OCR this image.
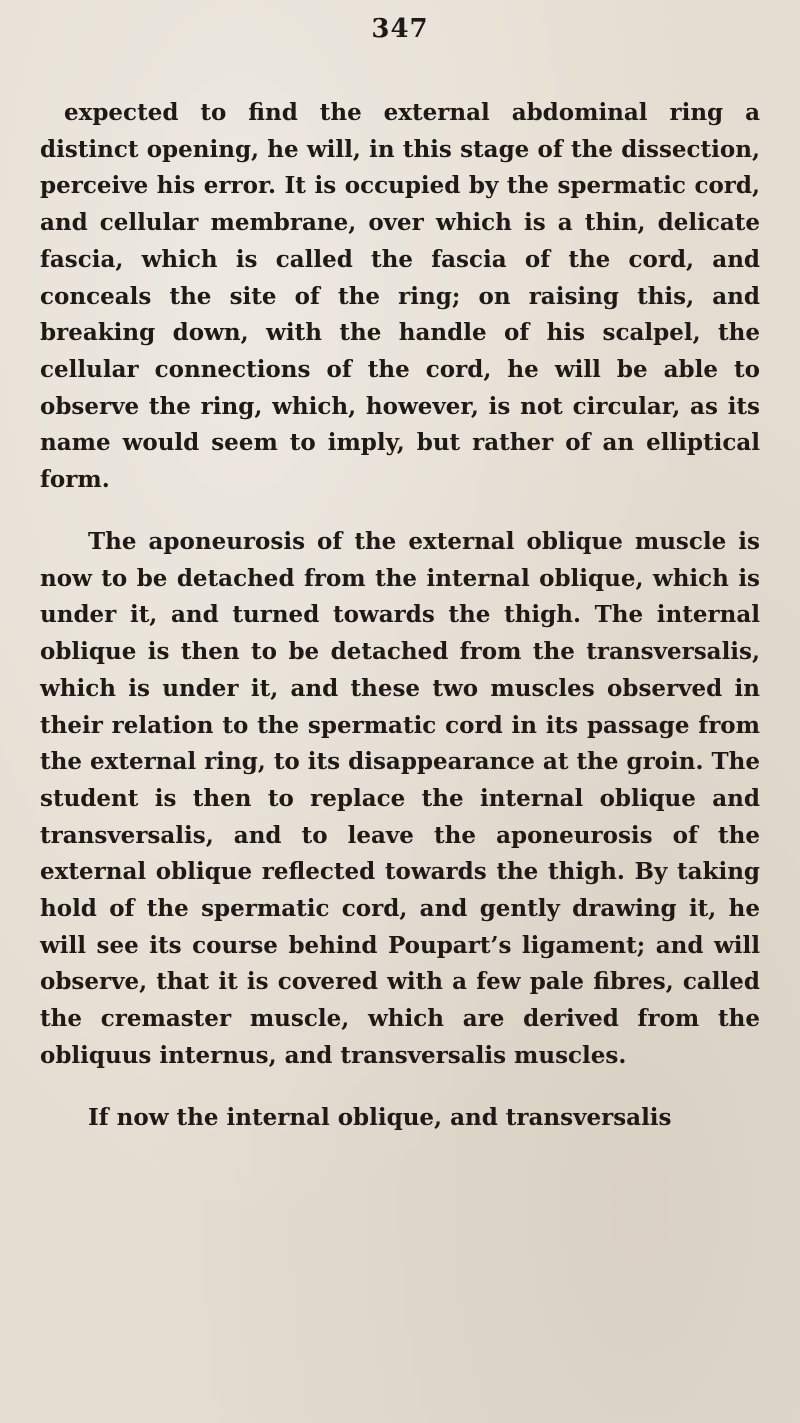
347

expected to find the external abdominal ring a distinct opening, he will, in this stage of the dissection, perceive his error. It is occupied by the spermatic cord, and cellular membrane, over which is a thin, delicate fascia, which is called the fascia of the cord, and conceals the site of the ring; on raising this, and breaking down, with the handle of his scalpel, the cellular connections of the cord, he will be able to observe the ring, which, however, is not circular, as its name would seem to imply, but rather of an elliptical form.

The aponeurosis of the external oblique muscle is now to be detached from the internal oblique, which is under it, and turned towards the thigh. The internal oblique is then to be detached from the transversalis, which is under it, and these two muscles observed in their relation to the spermatic cord in its passage from the external ring, to its disappearance at the groin. The student is then to replace the internal oblique and transversalis, and to leave the aponeurosis of the external oblique reflected towards the thigh. By taking hold of the spermatic cord, and gently drawing it, he will see its course behind Poupart’s ligament; and will observe, that it is covered with a few pale fibres, called the cremaster muscle, which are derived from the obliquus internus, and transversalis muscles.

If now the internal oblique, and transversalis
